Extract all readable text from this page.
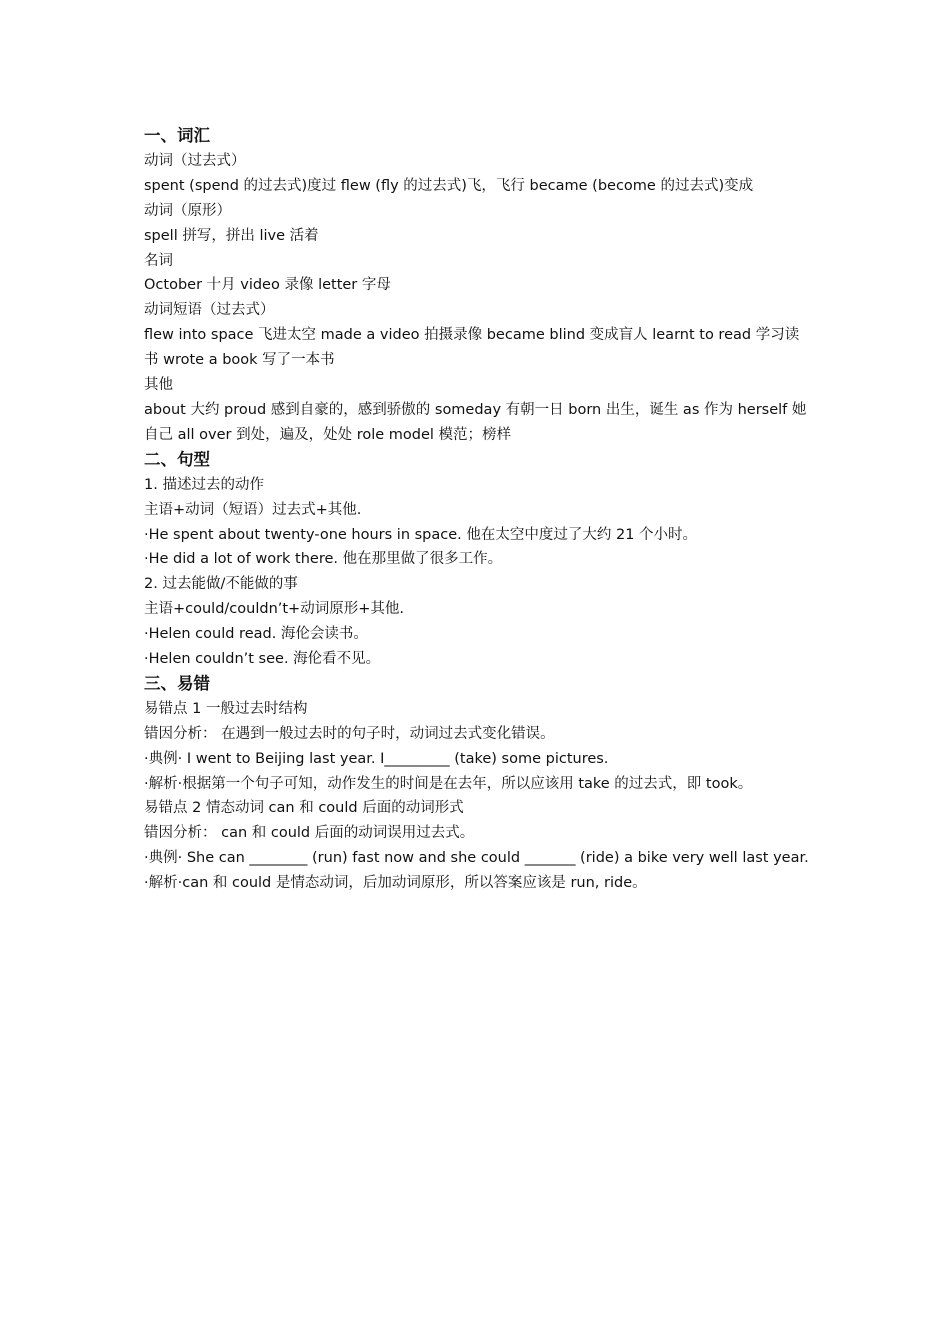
一、词汇

动词（过去式）

spent (spend 的过去式)度过 flew (fly 的过去式)飞，飞行 became (become 的过去式)变成

动词（原形）

spell 拼写，拼出 live 活着

名词

October 十月 video 录像 letter 字母

动词短语（过去式）

flew into space 飞进太空 made a video 拍摄录像 became blind 变成盲人 learnt to read 学习读书 wrote a book 写了一本书

其他

about 大约 proud 感到自豪的，感到骄傲的 someday 有朝一日 born 出生，诞生 as 作为 herself 她自己 all over 到处，遍及，处处 role model 模范；榜样

二、句型

1. 描述过去的动作

主语+动词（短语）过去式+其他.

·He spent about twenty-one hours in space. 他在太空中度过了大约 21 个小时。

·He did a lot of work there. 他在那里做了很多工作。

2. 过去能做/不能做的事

主语+could/couldn’t+动词原形+其他.

·Helen could read. 海伦会读书。

·Helen couldn’t see. 海伦看不见。

三、易错

易错点 1 一般过去时结构

错因分析： 在遇到一般过去时的句子时，动词过去式变化错误。

·典例· I went to Beijing last year. I_________ (take) some pictures.

·解析·根据第一个句子可知，动作发生的时间是在去年，所以应该用 take 的过去式，即 took。

易错点 2 情态动词 can 和 could 后面的动词形式

错因分析： can 和 could 后面的动词误用过去式。

·典例· She can ________ (run) fast now and she could _______ (ride) a bike very well last year.

·解析·can 和 could 是情态动词，后加动词原形，所以答案应该是 run, ride。
